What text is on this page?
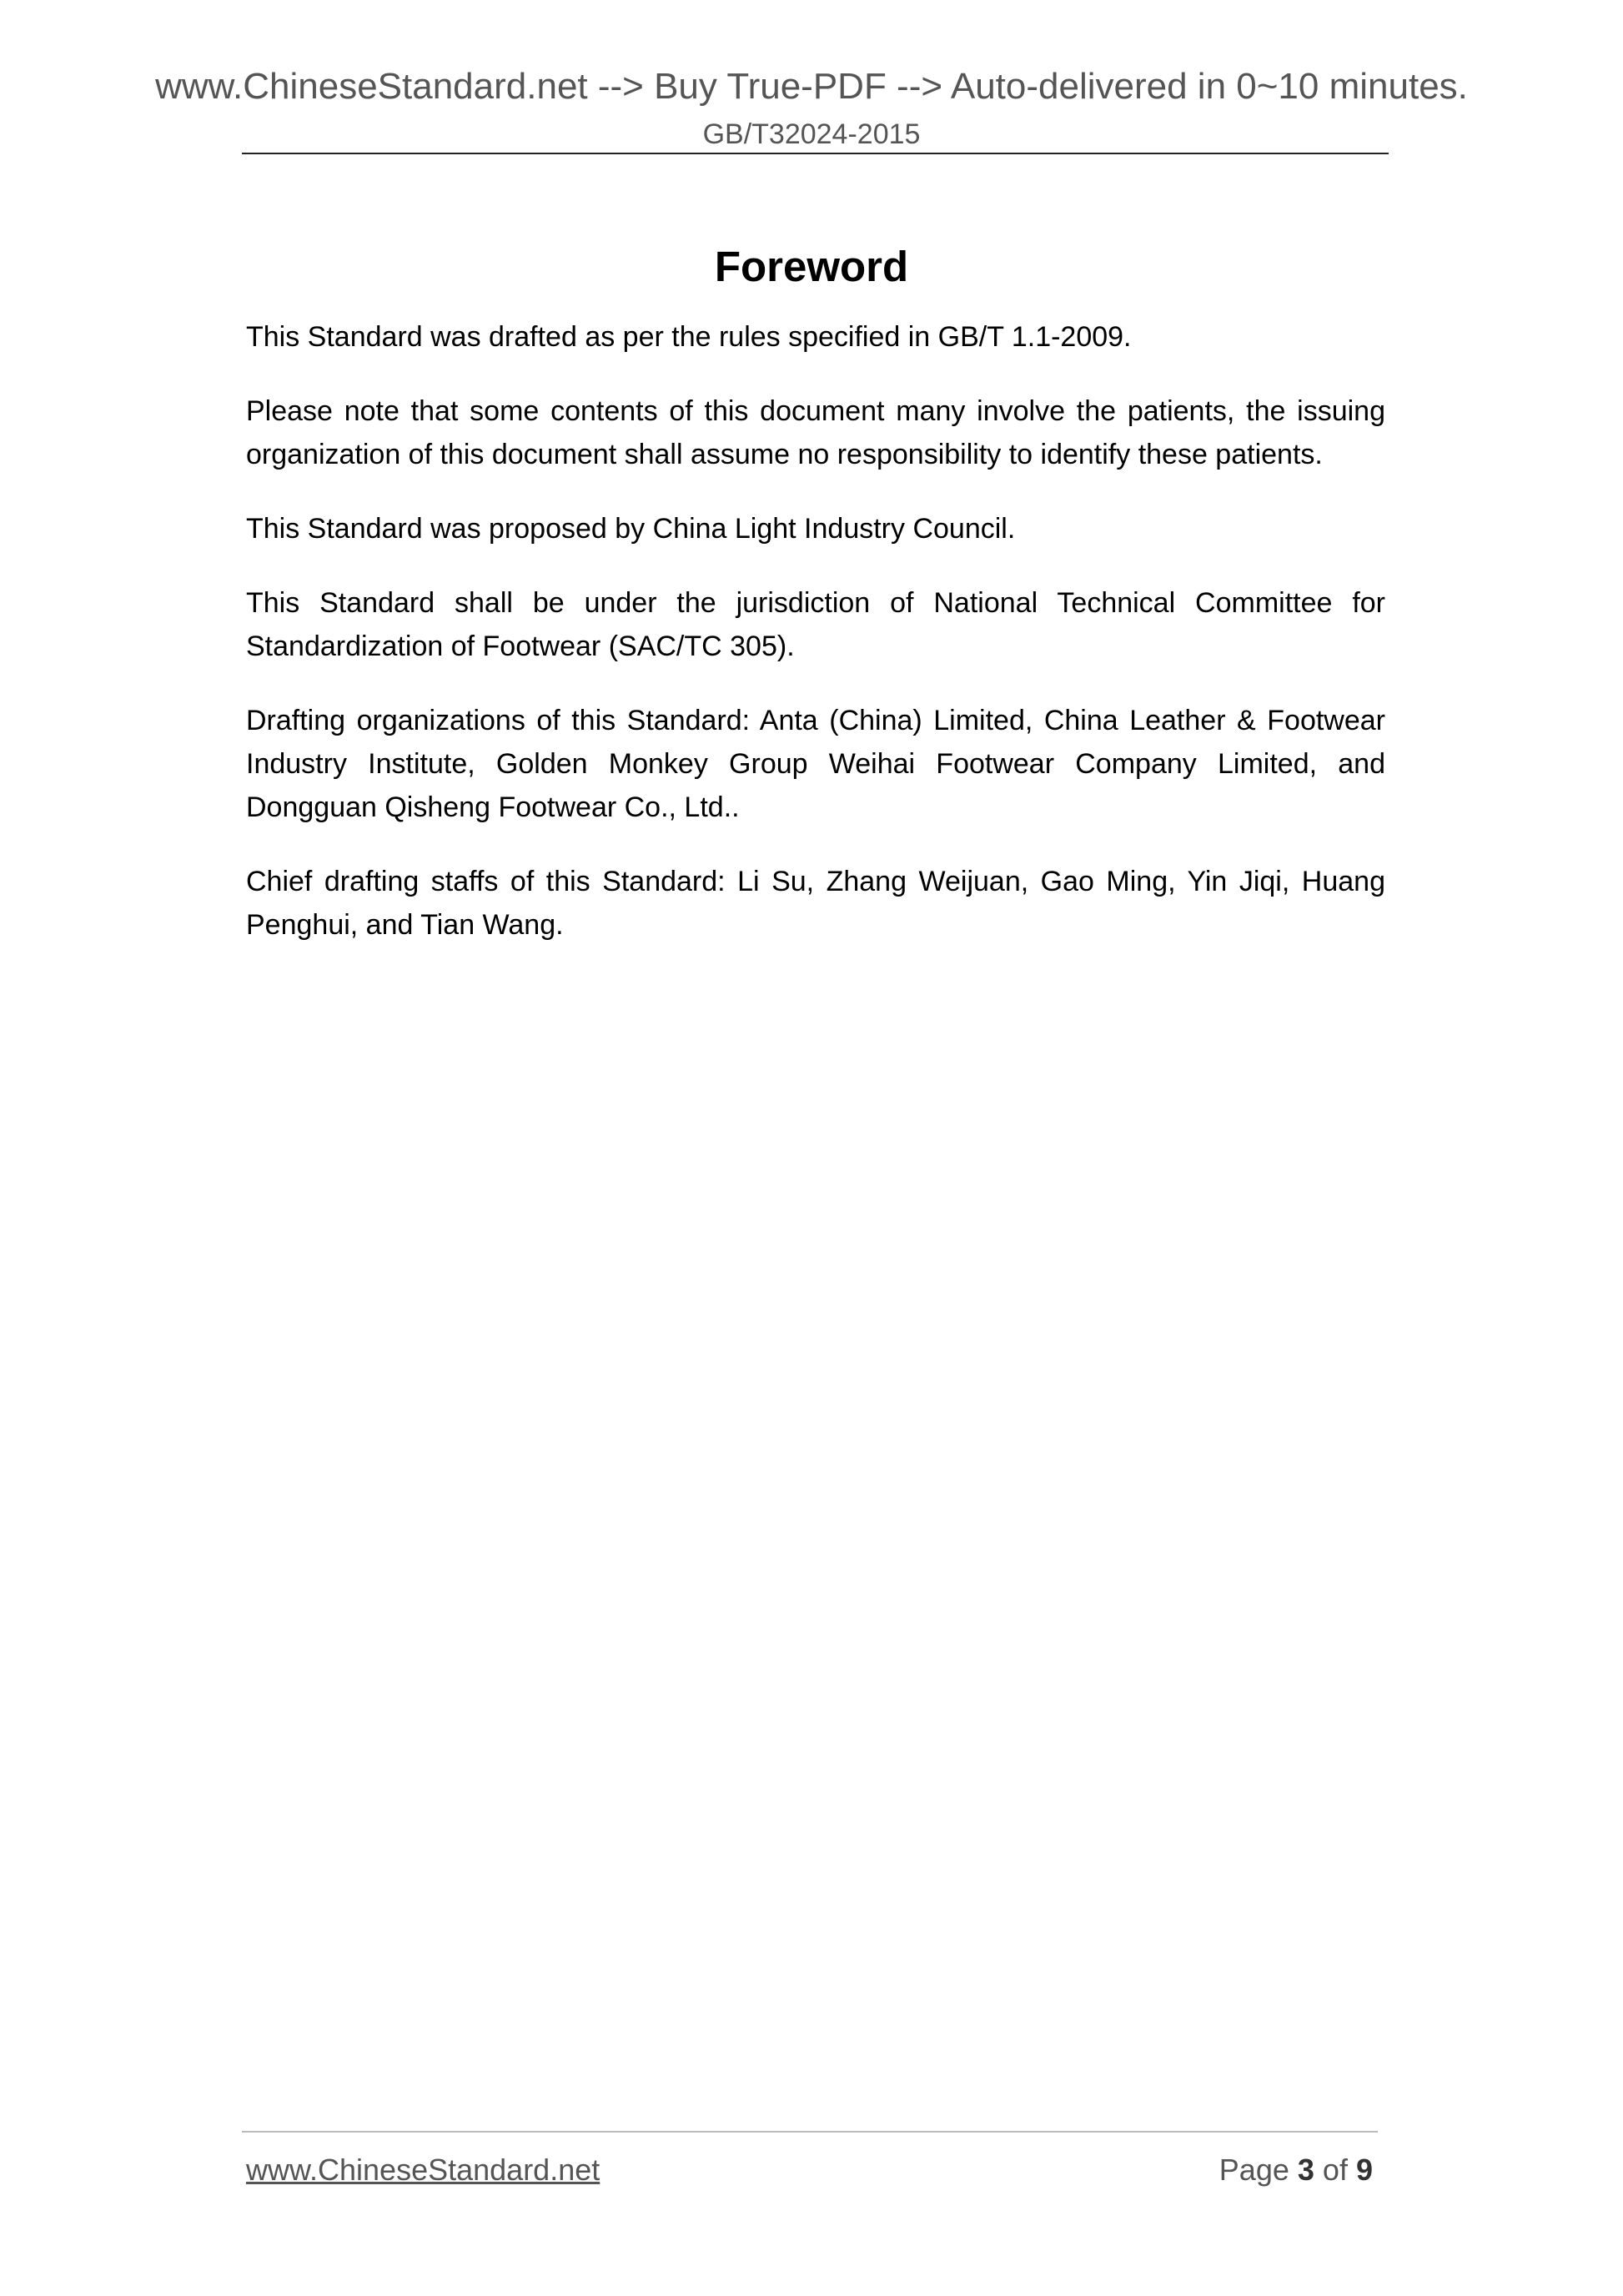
www.ChineseStandard.net --> Buy True-PDF --> Auto-delivered in 0~10 minutes.
GB/T32024-2015
Foreword

This Standard was drafted as per the rules specified in GB/T 1.1-2009.

Please note that some contents of this document many involve the patients, the issuing organization of this document shall assume no responsibility to identify these patients.

This Standard was proposed by China Light Industry Council.

This Standard shall be under the jurisdiction of National Technical Committee for Standardization of Footwear (SAC/TC 305).

Drafting organizations of this Standard: Anta (China) Limited, China Leather & Footwear Industry Institute, Golden Monkey Group Weihai Footwear Company Limited, and Dongguan Qisheng Footwear Co., Ltd..

Chief drafting staffs of this Standard: Li Su, Zhang Weijuan, Gao Ming, Yin Jiqi, Huang Penghui, and Tian Wang.

www.ChineseStandard.net	Page 3 of 9
